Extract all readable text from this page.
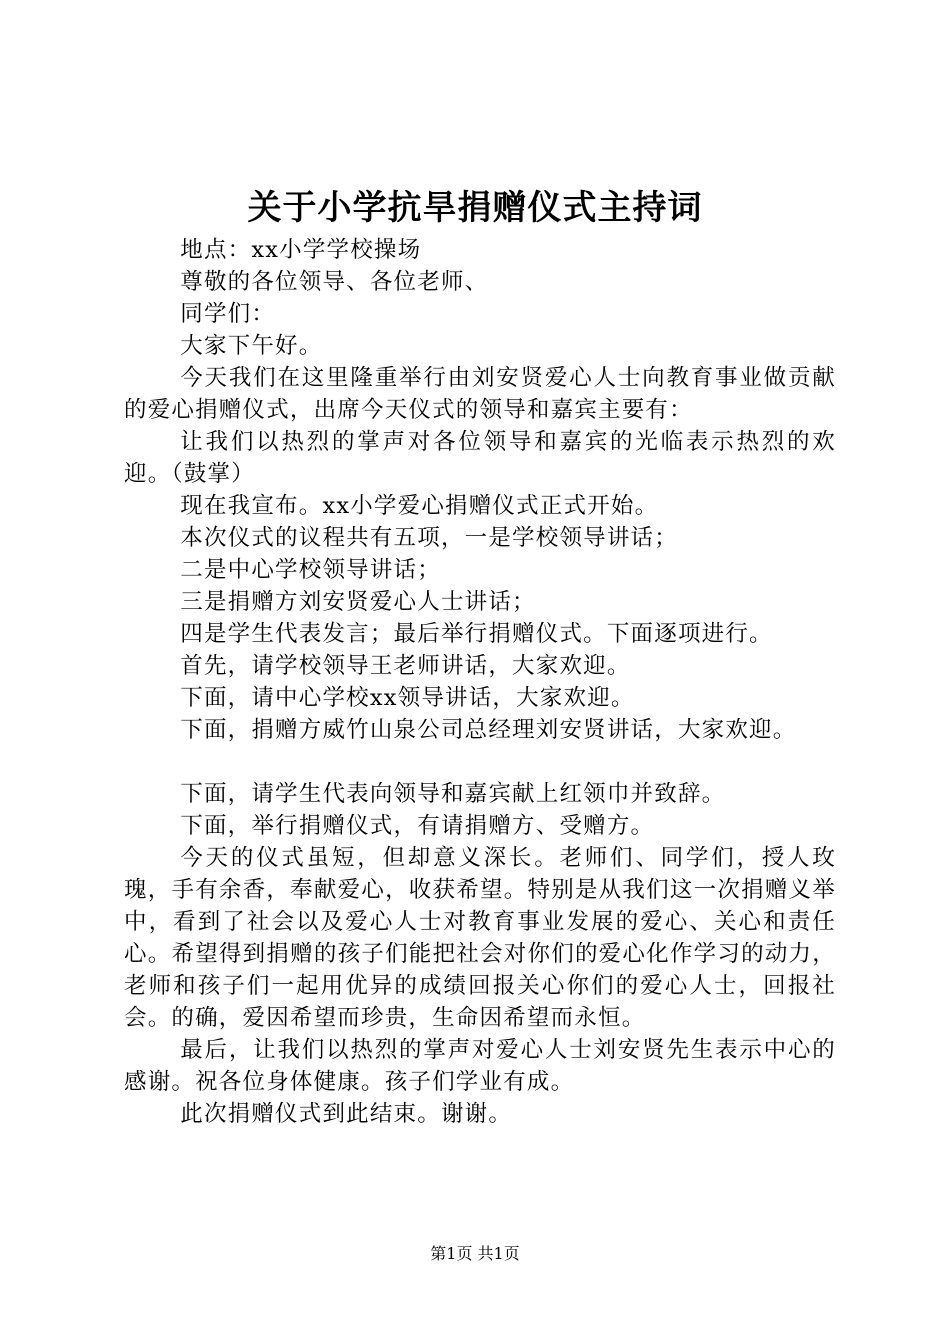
关于小学抗旱捐赠仪式主持词

地点：xx小学学校操场

尊敬的各位领导、各位老师、

同学们：

大家下午好。

今天我们在这里隆重举行由刘安贤爱心人士向教育事业做贡献的爱心捐赠仪式，出席今天仪式的领导和嘉宾主要有：

让我们以热烈的掌声对各位领导和嘉宾的光临表示热烈的欢迎。（鼓掌）

现在我宣布。xx小学爱心捐赠仪式正式开始。

本次仪式的议程共有五项，一是学校领导讲话；

二是中心学校领导讲话；

三是捐赠方刘安贤爱心人士讲话；

四是学生代表发言；最后举行捐赠仪式。下面逐项进行。

首先，请学校领导王老师讲话，大家欢迎。

下面，请中心学校xx领导讲话，大家欢迎。

下面，捐赠方威竹山泉公司总经理刘安贤讲话，大家欢迎。

下面，请学生代表向领导和嘉宾献上红领巾并致辞。

下面，举行捐赠仪式，有请捐赠方、受赠方。

今天的仪式虽短，但却意义深长。老师们、同学们，授人玫瑰，手有余香，奉献爱心，收获希望。特别是从我们这一次捐赠义举中，看到了社会以及爱心人士对教育事业发展的爱心、关心和责任心。希望得到捐赠的孩子们能把社会对你们的爱心化作学习的动力，老师和孩子们一起用优异的成绩回报关心你们的爱心人士，回报社会。的确，爱因希望而珍贵，生命因希望而永恒。

最后，让我们以热烈的掌声对爱心人士刘安贤先生表示中心的感谢。祝各位身体健康。孩子们学业有成。

此次捐赠仪式到此结束。谢谢。

第1页 共1页
